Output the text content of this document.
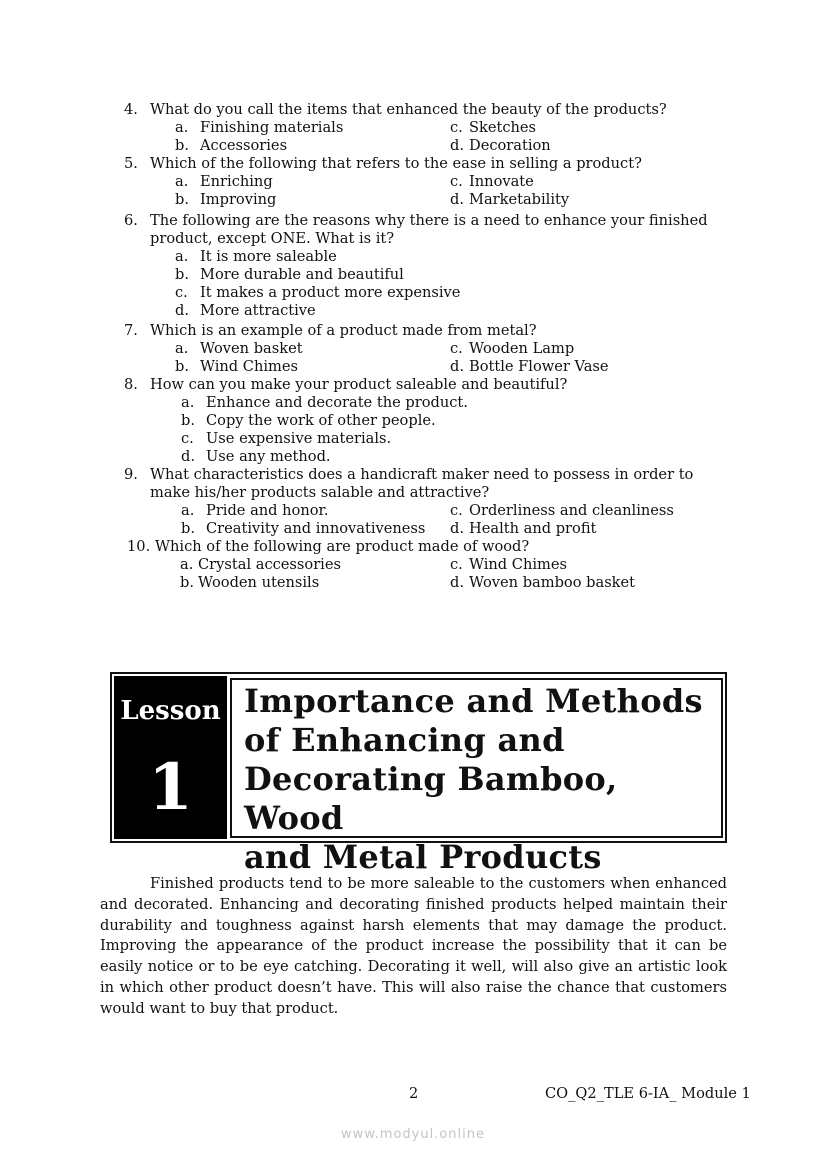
4. What do you call the items that enhanced the beauty of the products?
a. Finishing materials	c. Sketches
b. Accessories	d. Decoration
5. Which of the following that refers to the ease in selling a product?
a. Enriching	c. Innovate
b. Improving	d. Marketability
6. The following are the reasons why there is a need to enhance your finished
product, except ONE. What is it?
a. It is more saleable
b. More durable and beautiful
c. It makes a product more expensive
d. More attractive
7. Which is an example of a product made from metal?
a. Woven basket	c. Wooden Lamp
b. Wind Chimes	d. Bottle Flower Vase
8. How can you make your product saleable and beautiful?
a. Enhance and decorate the product.
b. Copy the work of other people.
c. Use expensive materials.
d. Use any method.
9. What characteristics does a handicraft maker need to possess in order to
make his/her products salable and attractive?
a. Pride and honor.	c. Orderliness and cleanliness
b. Creativity and innovativeness d. Health and profit
10. Which of the following are product made of wood?
a. Crystal accessories	c. Wind Chimes
b. Wooden utensils	d. Woven bamboo basket
Lesson
1
Importance and Methods
of Enhancing and
Decorating Bamboo, Wood
and Metal Products
Finished products tend to be more saleable to the customers when enhanced and decorated. Enhancing and decorating finished products helped maintain their durability and toughness against harsh elements that may damage the product. Improving the appearance of the product increase the possibility that it can be easily notice or to be eye catching. Decorating it well, will also give an artistic look in which other product doesn’t have. This will also raise the chance that customers would want to buy that product.
2	CO_Q2_TLE 6-IA_ Module 1
www.modyul.online
